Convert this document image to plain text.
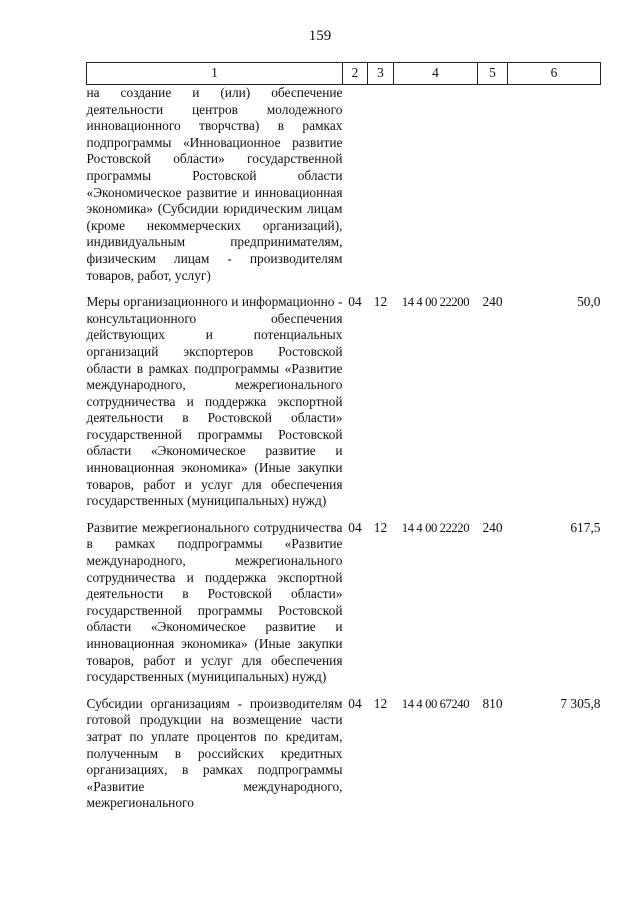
159
1	2	3	4	5	6
на создание и (или) обеспечение деятельности центров молодежного инновационного творчства) в рамках подпрограммы «Инновационное развитие Ростовской области» государственной программы Ростовской области «Экономическое развитие и инновационная экономика» (Субсидии юридическим лицам (кроме некоммерческих организаций), индивидуальным предпринимателям, физическим лицам - производителям товаров, работ, услуг)					

Меры организационного и информационно - консультационного обеспечения действующих и потенциальных организаций экспортеров Ростовской области в рамках подпрограммы «Развитие международного, межрегионального сотрудничества и поддержка экспортной деятельности в Ростовской области» государственной программы Ростовской области «Экономическое развитие и инновационная экономика» (Иные закупки товаров, работ и услуг для обеспечения государственных (муниципальных) нужд)	04	12	14 4 00 22200	240	50,0

Развитие межрегионального сотрудничества в рамках подпрограммы «Развитие международного, межрегионального сотрудничества и поддержка экспортной деятельности в Ростовской области» государственной программы Ростовской области «Экономическое развитие и инновационная экономика» (Иные закупки товаров, работ и услуг для обеспечения государственных (муниципальных) нужд)	04	12	14 4 00 22220	240	617,5

Субсидии организациям - производителям готовой продукции на возмещение части затрат по уплате процентов по кредитам, полученным в российских кредитных организациях, в рамках подпрограммы «Развитие международного, межрегионального	04	12	14 4 00 67240	810	7 305,8
